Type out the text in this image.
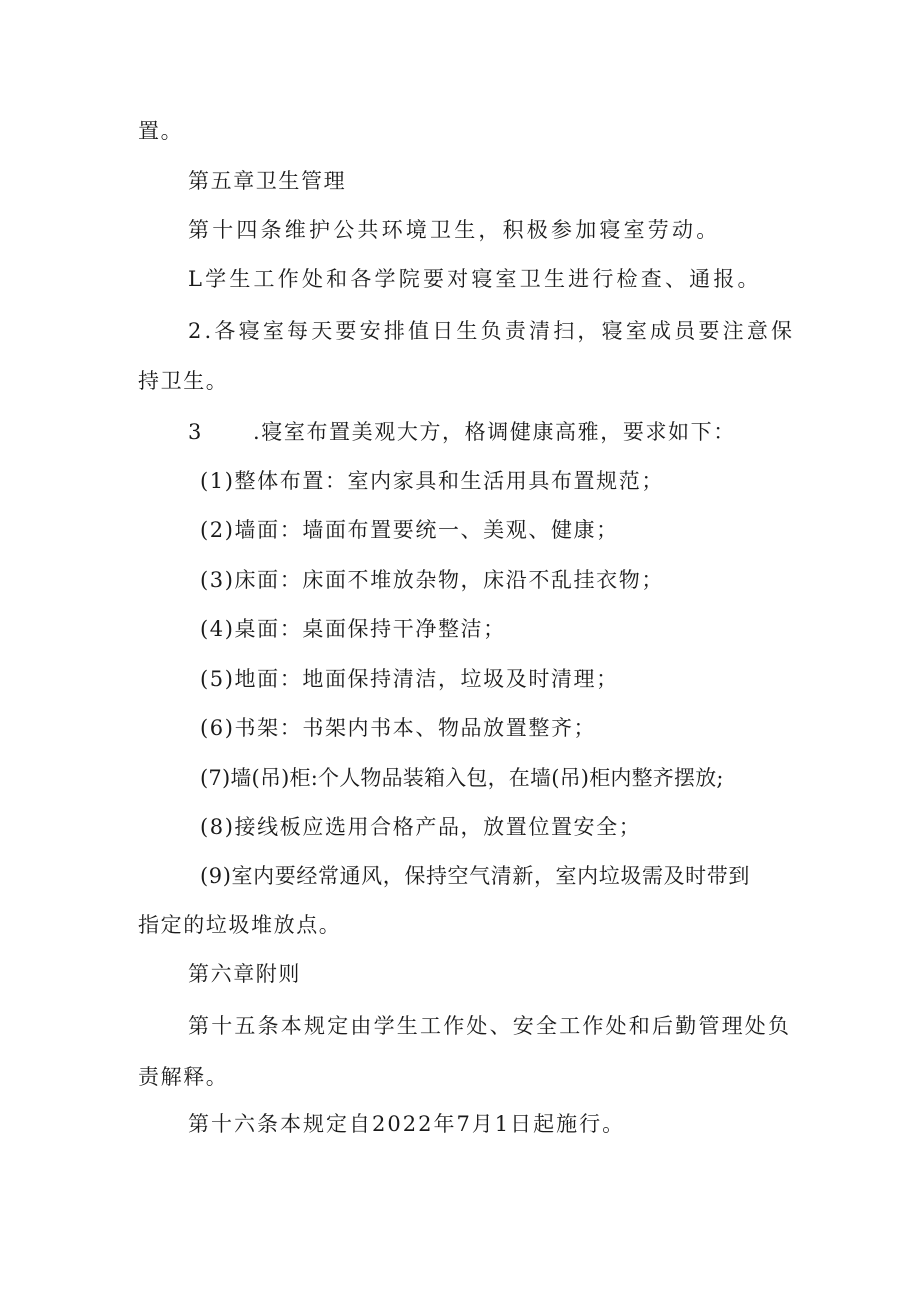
置。
第五章卫生管理
第十四条维护公共环境卫生，积极参加寝室劳动。
L学生工作处和各学院要对寝室卫生进行检查、通报。
2.各寝室每天要安排值日生负责清扫，寝室成员要注意保
持卫生。
3 .寝室布置美观大方，格调健康高雅，要求如下：
(1)整体布置：室内家具和生活用具布置规范；
(2)墙面：墙面布置要统一、美观、健康；
(3)床面：床面不堆放杂物，床沿不乱挂衣物；
(4)桌面：桌面保持干净整洁；
(5)地面：地面保持清洁，垃圾及时清理；
(6)书架：书架内书本、物品放置整齐；
(7)墙(吊)柜:个人物品装箱入包，在墙(吊)柜内整齐摆放;
(8)接线板应选用合格产品，放置位置安全；
(9)室内要经常通风，保持空气清新，室内垃圾需及时带到
指定的垃圾堆放点。
第六章附则
第十五条本规定由学生工作处、安全工作处和后勤管理处负
责解释。
第十六条本规定自2022年7月1日起施行。
